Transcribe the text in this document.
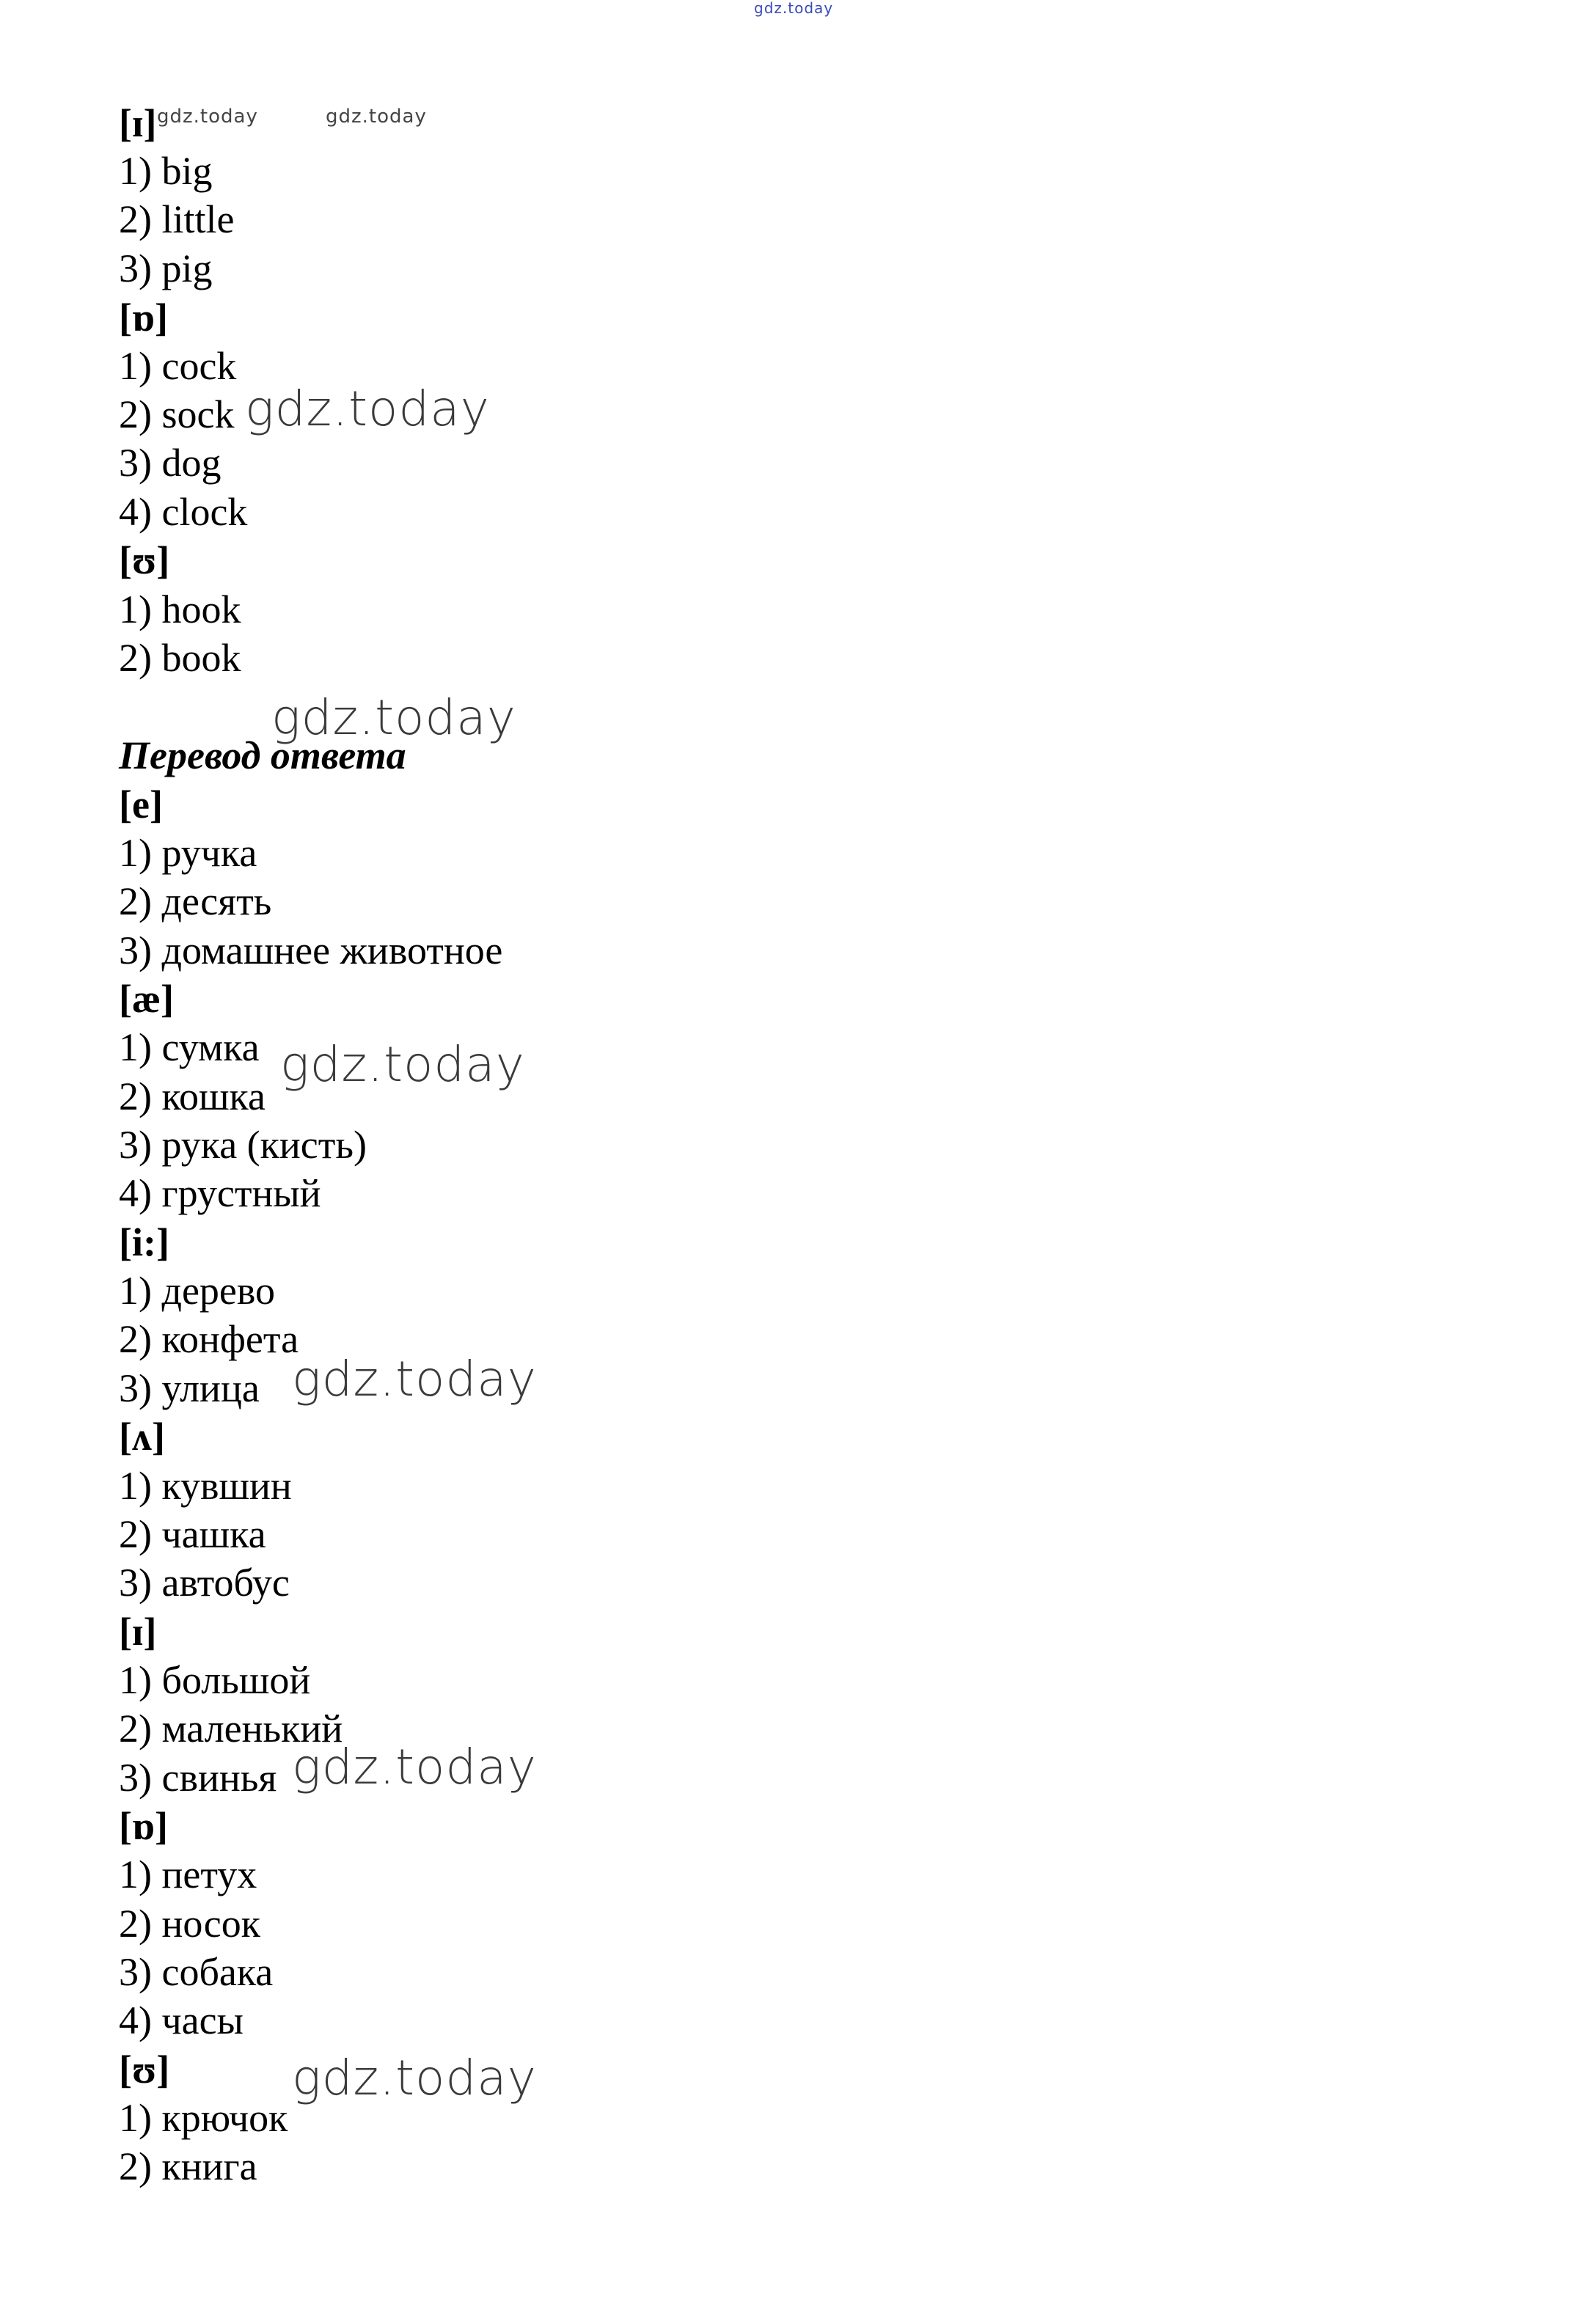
gdz.today
gdz.today	gdz.today
gdz.today
gdz.today
gdz.today
gdz.today
gdz.today
gdz.today
[ɪ]
1) big
2) little
3) pig
[ɒ]
1) cock
2) sock
3) dog
4) clock
[ʊ]
1) hook
2) book
Перевод ответа
[e]
1) ручка
2) десять
3) домашнее животное
[æ]
1) сумка
2) кошка
3) рука (кисть)
4) грустный
[i:]
1) дерево
2) конфета
3) улица
[ʌ]
1) кувшин
2) чашка
3) автобус
[ɪ]
1) большой
2) маленький
3) свинья
[ɒ]
1) петух
2) носок
3) собака
4) часы
[ʊ]
1) крючок
2) книга
